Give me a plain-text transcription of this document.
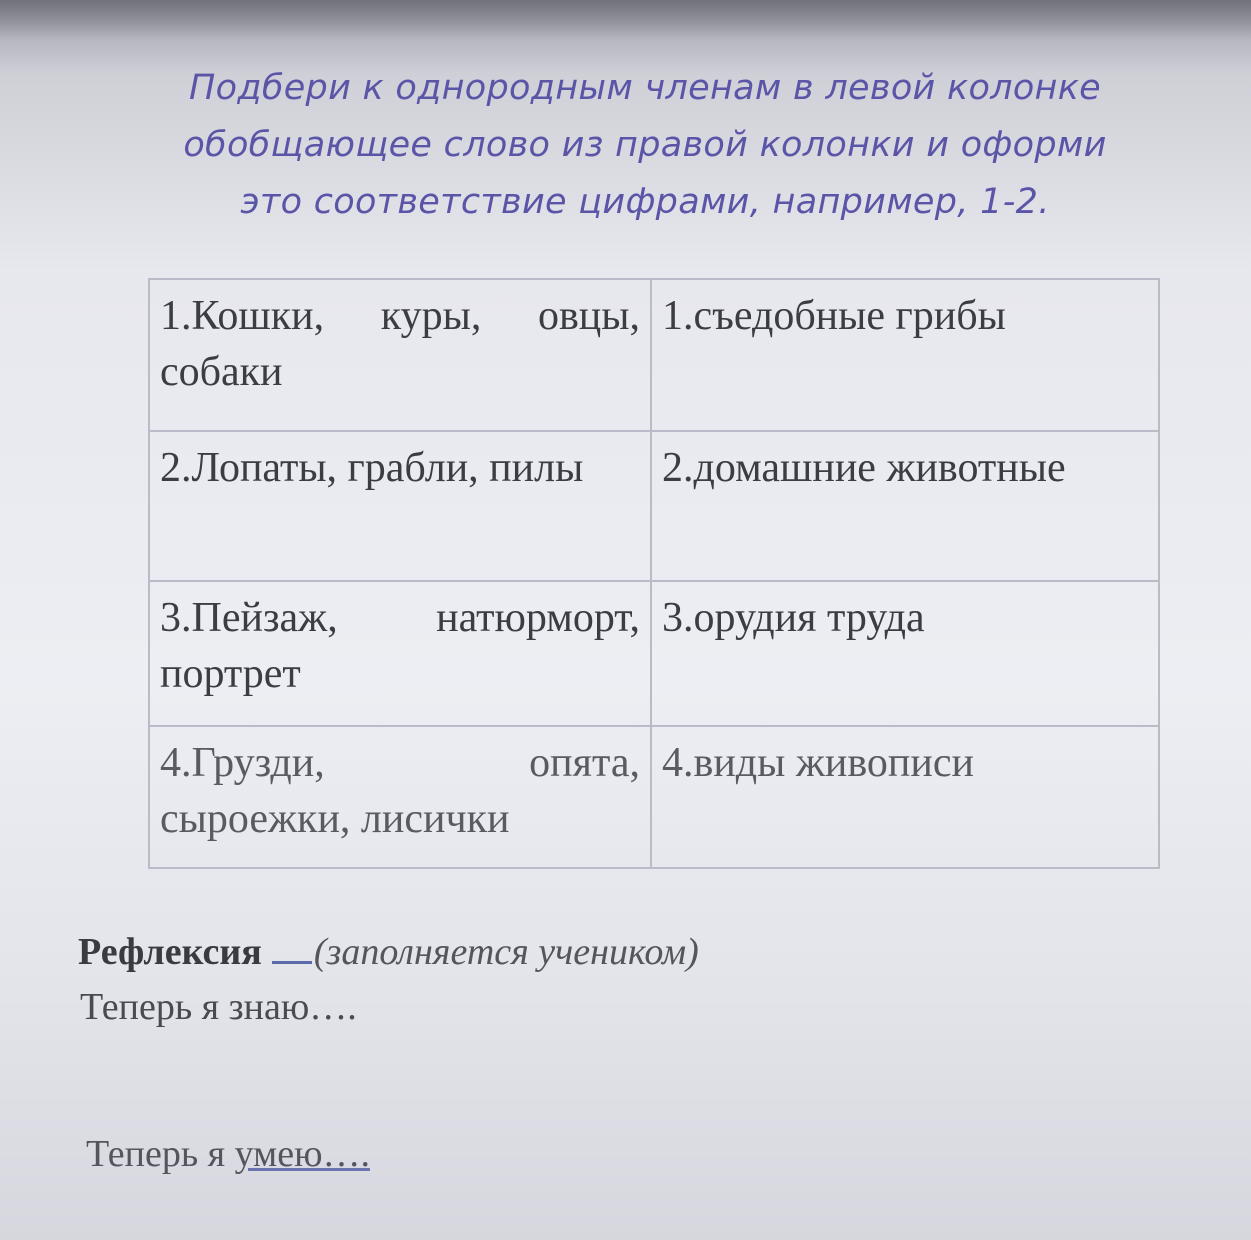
Подбери к однородным членам в левой колонке
обобщающее слово из правой колонки и оформи
это соответствие цифрами, например, 1-2.
1.Кошки, куры, овцы, собаки	1.съедобные грибы
2.Лопаты, грабли, пилы	2.домашние животные
3.Пейзаж, натюрморт, портрет	3.орудия труда
4.Грузди, опята, сыроежки, лисички	4.виды живописи
Рефлексия (заполняется учеником)
Теперь я знаю….
Теперь я умею….
